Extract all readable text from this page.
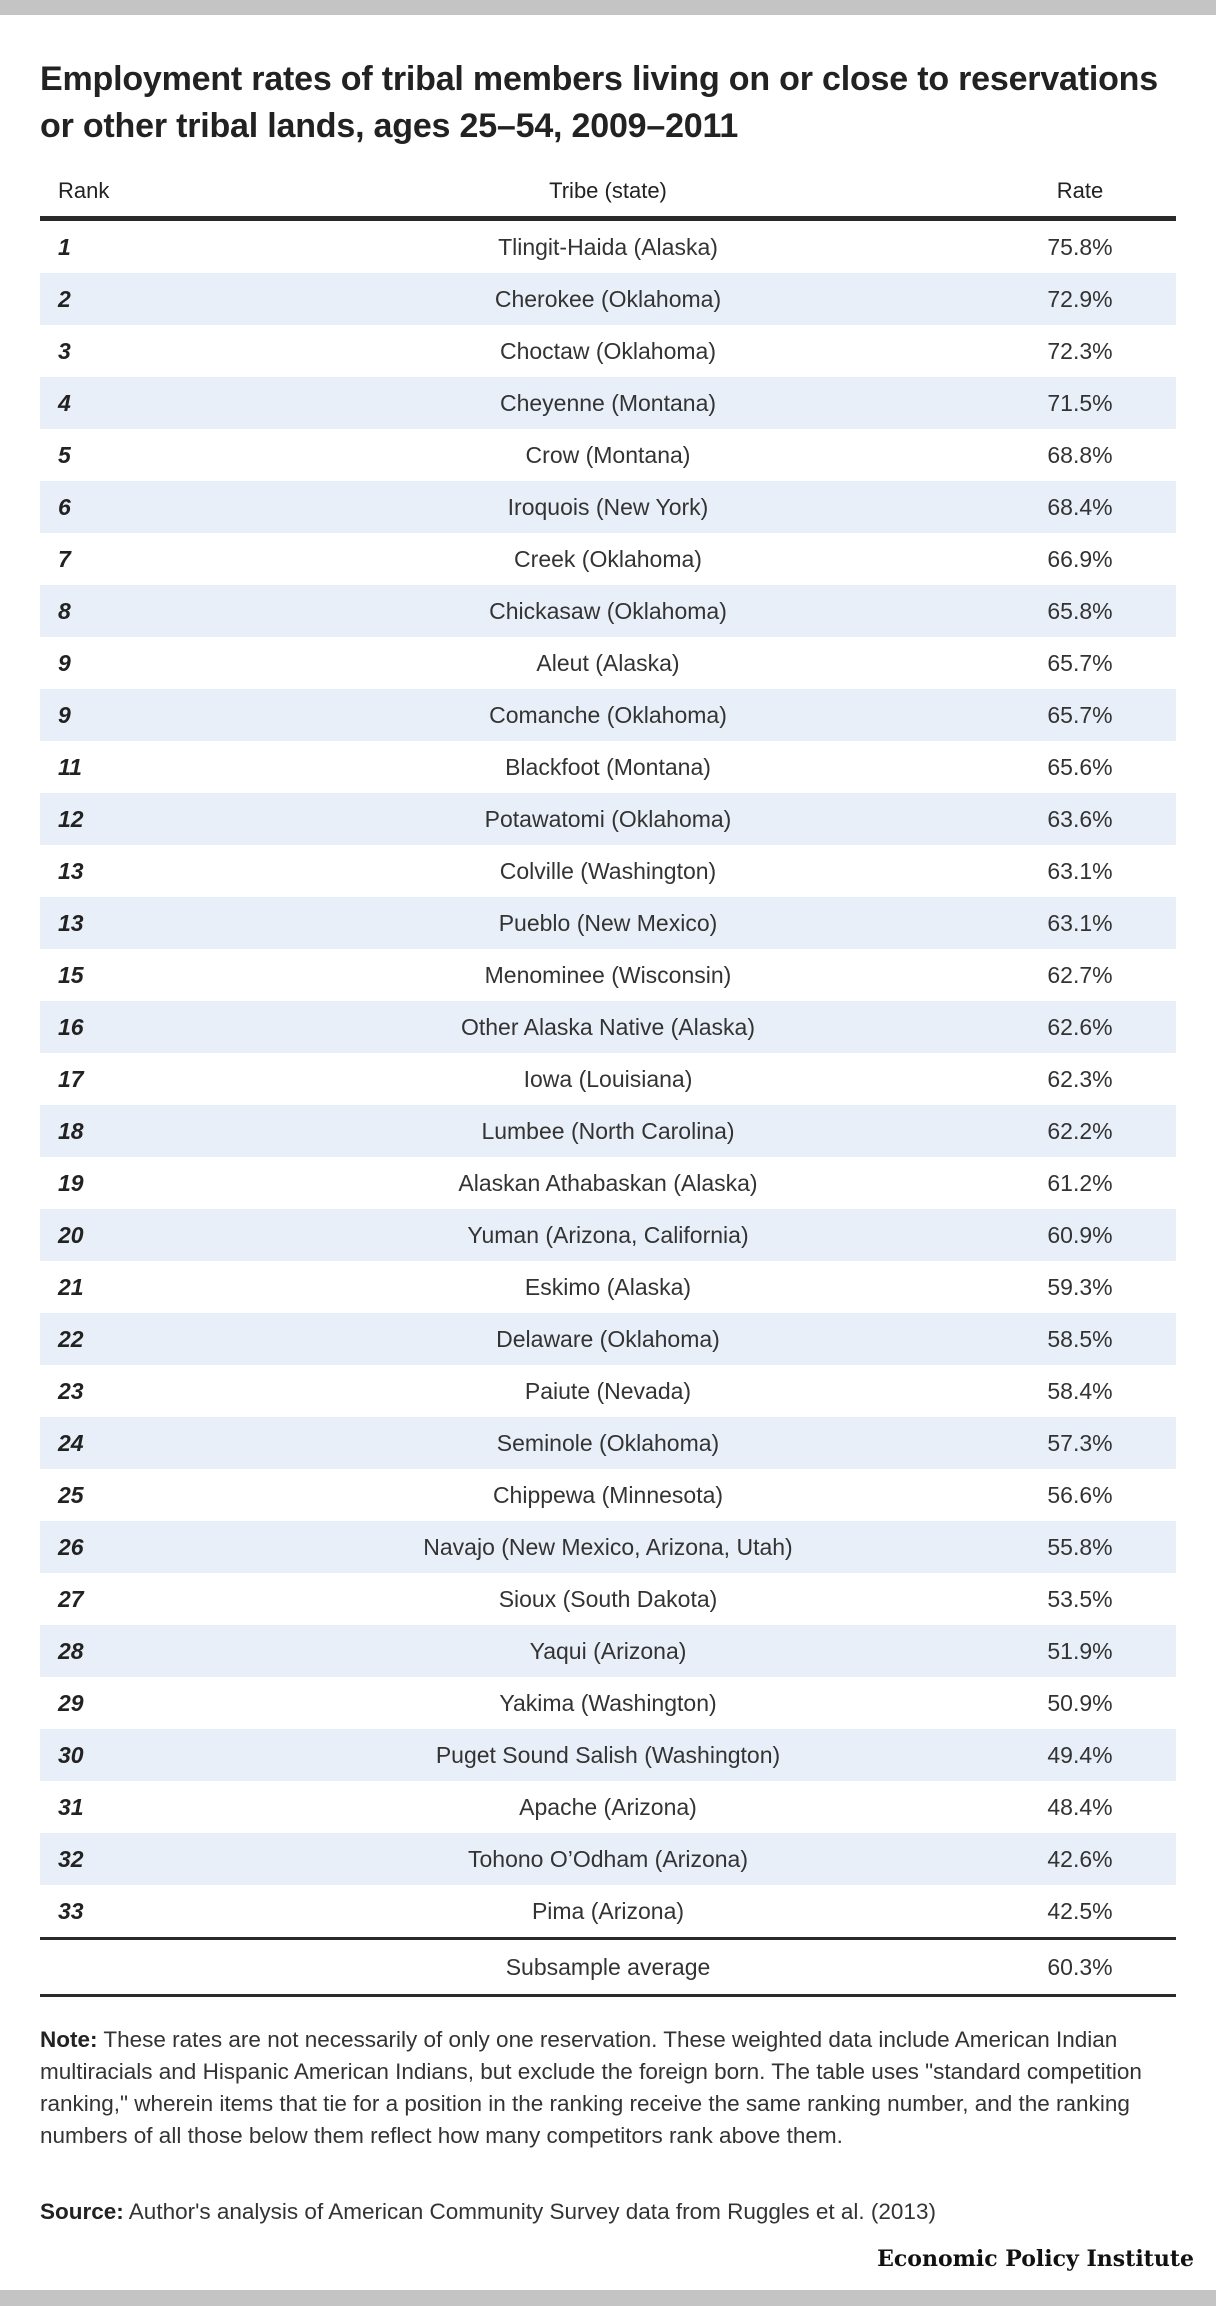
Employment rates of tribal members living on or close to reservations or other tribal lands, ages 25–54, 2009–2011
Rank	Tribe (state)	Rate
1	Tlingit-Haida (Alaska)	75.8%
2	Cherokee (Oklahoma)	72.9%
3	Choctaw (Oklahoma)	72.3%
4	Cheyenne (Montana)	71.5%
5	Crow (Montana)	68.8%
6	Iroquois (New York)	68.4%
7	Creek (Oklahoma)	66.9%
8	Chickasaw (Oklahoma)	65.8%
9	Aleut (Alaska)	65.7%
9	Comanche (Oklahoma)	65.7%
11	Blackfoot (Montana)	65.6%
12	Potawatomi (Oklahoma)	63.6%
13	Colville (Washington)	63.1%
13	Pueblo (New Mexico)	63.1%
15	Menominee (Wisconsin)	62.7%
16	Other Alaska Native (Alaska)	62.6%
17	Iowa (Louisiana)	62.3%
18	Lumbee (North Carolina)	62.2%
19	Alaskan Athabaskan (Alaska)	61.2%
20	Yuman (Arizona, California)	60.9%
21	Eskimo (Alaska)	59.3%
22	Delaware (Oklahoma)	58.5%
23	Paiute (Nevada)	58.4%
24	Seminole (Oklahoma)	57.3%
25	Chippewa (Minnesota)	56.6%
26	Navajo (New Mexico, Arizona, Utah)	55.8%
27	Sioux (South Dakota)	53.5%
28	Yaqui (Arizona)	51.9%
29	Yakima (Washington)	50.9%
30	Puget Sound Salish (Washington)	49.4%
31	Apache (Arizona)	48.4%
32	Tohono O’Odham (Arizona)	42.6%
33	Pima (Arizona)	42.5%
Subsample average	60.3%
Note: These rates are not necessarily of only one reservation. These weighted data include American Indian multiracials and Hispanic American Indians, but exclude the foreign born. The table uses "standard competition ranking," wherein items that tie for a position in the ranking receive the same ranking number, and the ranking numbers of all those below them reflect how many competitors rank above them.
Source: Author's analysis of American Community Survey data from Ruggles et al. (2013)
Economic Policy Institute
